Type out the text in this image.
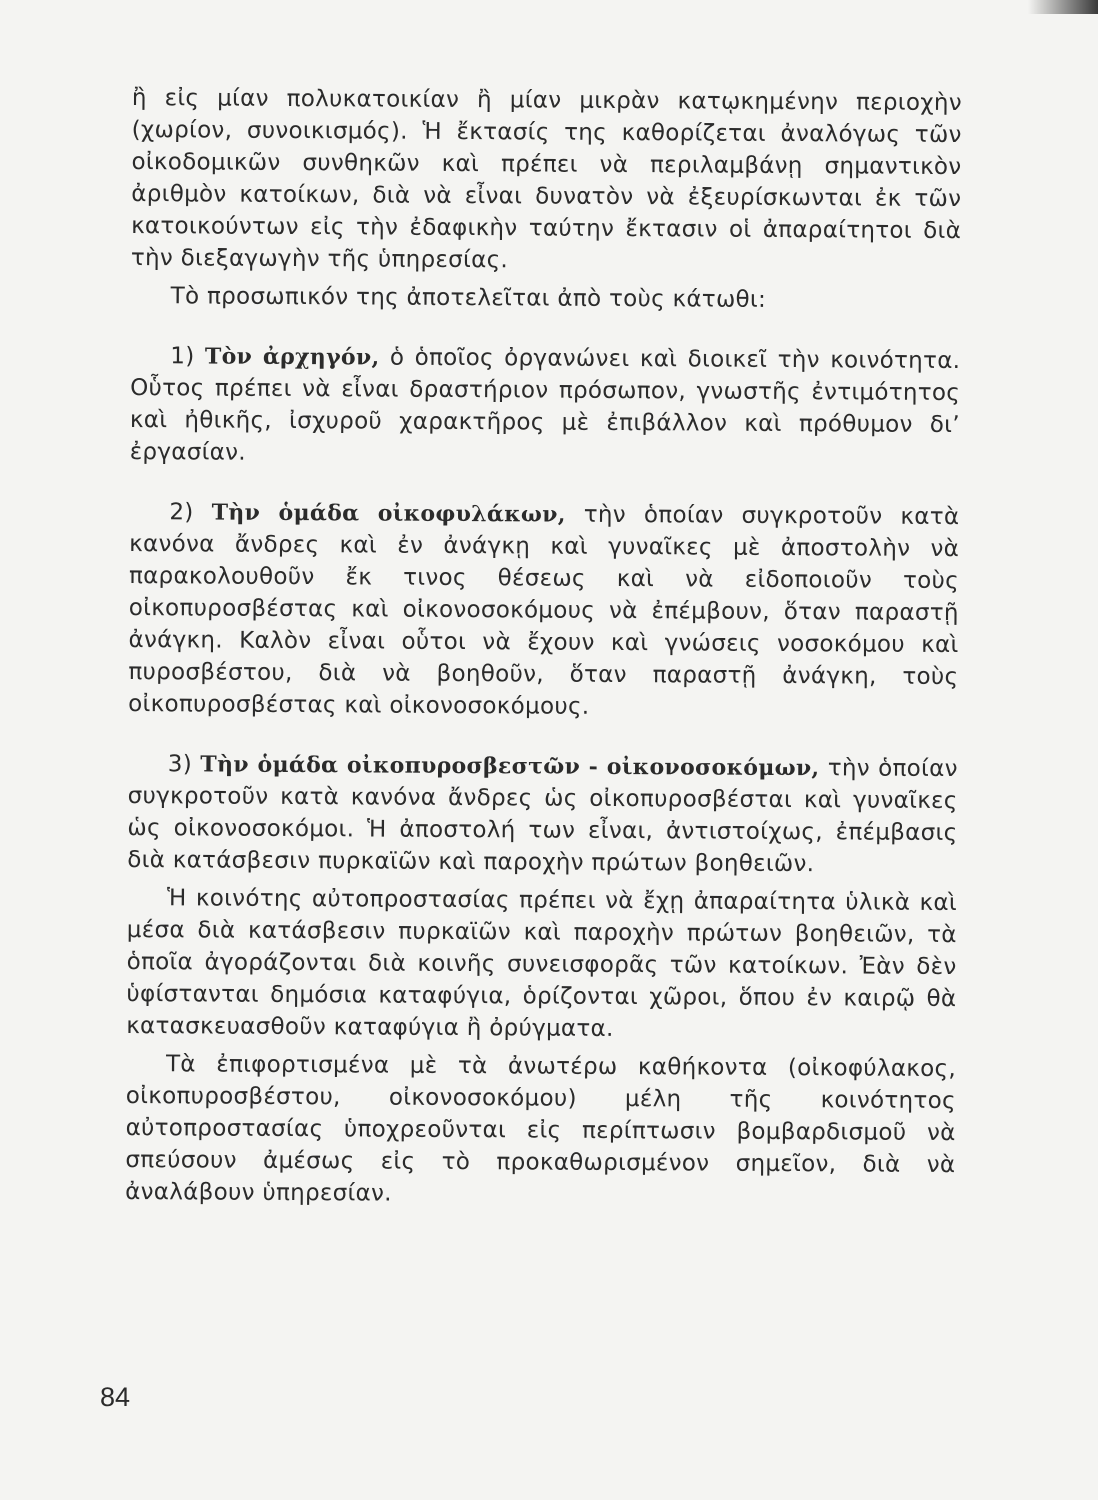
ἢ εἰς μίαν πολυκατοικίαν ἢ μίαν μικρὰν κατῳκημένην περιοχὴν (χωρίον, συνοικισμός). Ἡ ἔκτασίς της καθορίζεται ἀναλόγως τῶν οἰκοδομικῶν συνθηκῶν καὶ πρέπει νὰ περιλαμβάνῃ σημαντικὸν ἀριθμὸν κατοίκων, διὰ νὰ εἶναι δυνατὸν νὰ ἐξευρίσκωνται ἐκ τῶν κατοικούντων εἰς τὴν ἐδαφικὴν ταύτην ἔκτασιν οἱ ἀπαραίτητοι διὰ τὴν διεξαγωγὴν τῆς ὑπηρεσίας.

Τὸ προσωπικόν της ἀποτελεῖται ἀπὸ τοὺς κάτωθι:

1) Τὸν ἀρχηγόν, ὁ ὁποῖος ὀργανώνει καὶ διοικεῖ τὴν κοινότητα. Οὗτος πρέπει νὰ εἶναι δραστήριον πρόσωπον, γνωστῆς ἐντιμότητος καὶ ἠθικῆς, ἰσχυροῦ χαρακτῆρος μὲ ἐπιβάλλον καὶ πρόθυμον δι’ ἐργασίαν.

2) Τὴν ὁμάδα οἰκοφυλάκων, τὴν ὁποίαν συγκροτοῦν κατὰ κανόνα ἄνδρες καὶ ἐν ἀνάγκῃ καὶ γυναῖκες μὲ ἀποστολὴν νὰ παρακολουθοῦν ἔκ τινος θέσεως καὶ νὰ εἰδοποιοῦν τοὺς οἰκοπυροσβέστας καὶ οἰκονοσοκόμους νὰ ἐπέμβουν, ὅταν παραστῇ ἀνάγκη. Καλὸν εἶναι οὗτοι νὰ ἔχουν καὶ γνώσεις νοσοκόμου καὶ πυροσβέστου, διὰ νὰ βοηθοῦν, ὅταν παραστῇ ἀνάγκη, τοὺς οἰκοπυροσβέστας καὶ οἰκονοσοκόμους.

3) Τὴν ὁμάδα οἰκοπυροσβεστῶν - οἰκονοσοκόμων, τὴν ὁποίαν συγκροτοῦν κατὰ κανόνα ἄνδρες ὡς οἰκοπυροσβέσται καὶ γυναῖκες ὡς οἰκονοσοκόμοι. Ἡ ἀποστολή των εἶναι, ἀντιστοίχως, ἐπέμβασις διὰ κατάσβεσιν πυρκαϊῶν καὶ παροχὴν πρώτων βοηθειῶν.

Ἡ κοινότης αὐτοπροστασίας πρέπει νὰ ἔχῃ ἀπαραίτητα ὑλικὰ καὶ μέσα διὰ κατάσβεσιν πυρκαϊῶν καὶ παροχὴν πρώτων βοηθειῶν, τὰ ὁποῖα ἀγοράζονται διὰ κοινῆς συνεισφορᾶς τῶν κατοίκων. Ἐὰν δὲν ὑφίστανται δημόσια καταφύγια, ὁρίζονται χῶροι, ὅπου ἐν καιρῷ θὰ κατασκευασθοῦν καταφύγια ἢ ὀρύγματα.

Τὰ ἐπιφορτισμένα μὲ τὰ ἀνωτέρω καθήκοντα (οἰκοφύλακος, οἰκοπυροσβέστου, οἰκονοσοκόμου) μέλη τῆς κοινότητος αὐτοπροστασίας ὑποχρεοῦνται εἰς περίπτωσιν βομβαρδισμοῦ νὰ σπεύσουν ἀμέσως εἰς τὸ προκαθωρισμένον σημεῖον, διὰ νὰ ἀναλάβουν ὑπηρεσίαν.

84
